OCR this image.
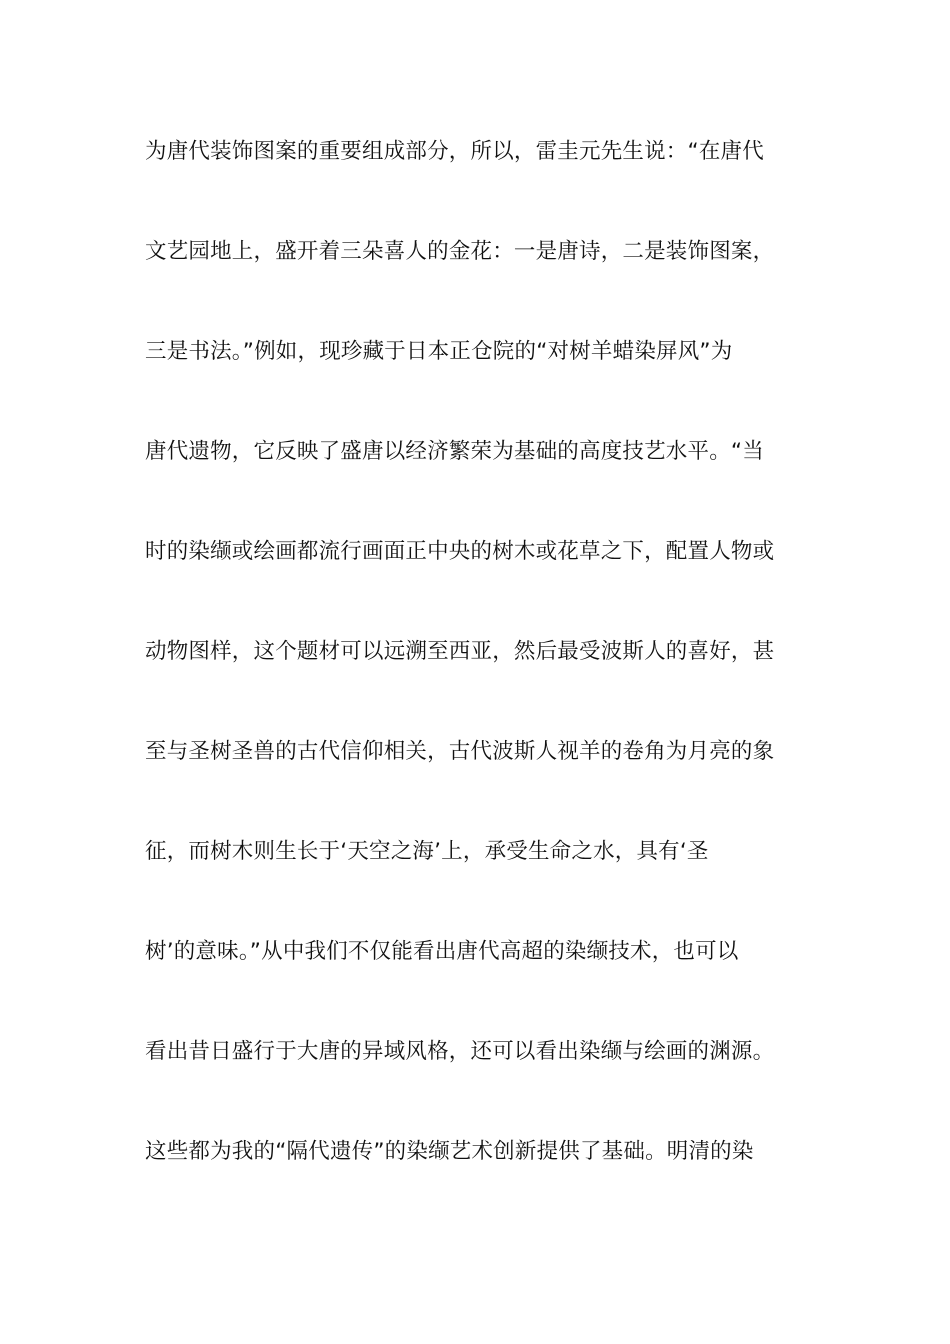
为唐代装饰图案的重要组成部分，所以，雷圭元先生说：“在唐代
文艺园地上，盛开着三朵喜人的金花：一是唐诗，二是装饰图案，
三是书法。”例如，现珍藏于日本正仓院的“对树羊蜡染屏风”为
唐代遗物，它反映了盛唐以经济繁荣为基础的高度技艺水平。“当
时的染缬或绘画都流行画面正中央的树木或花草之下，配置人物或
动物图样，这个题材可以远溯至西亚，然后最受波斯人的喜好，甚
至与圣树圣兽的古代信仰相关，古代波斯人视羊的卷角为月亮的象
征，而树木则生长于‘天空之海’上，承受生命之水，具有‘圣
树’的意味。”从中我们不仅能看出唐代高超的染缬技术，也可以
看出昔日盛行于大唐的异域风格，还可以看出染缬与绘画的渊源。
这些都为我的“隔代遗传”的染缬艺术创新提供了基础。明清的染
